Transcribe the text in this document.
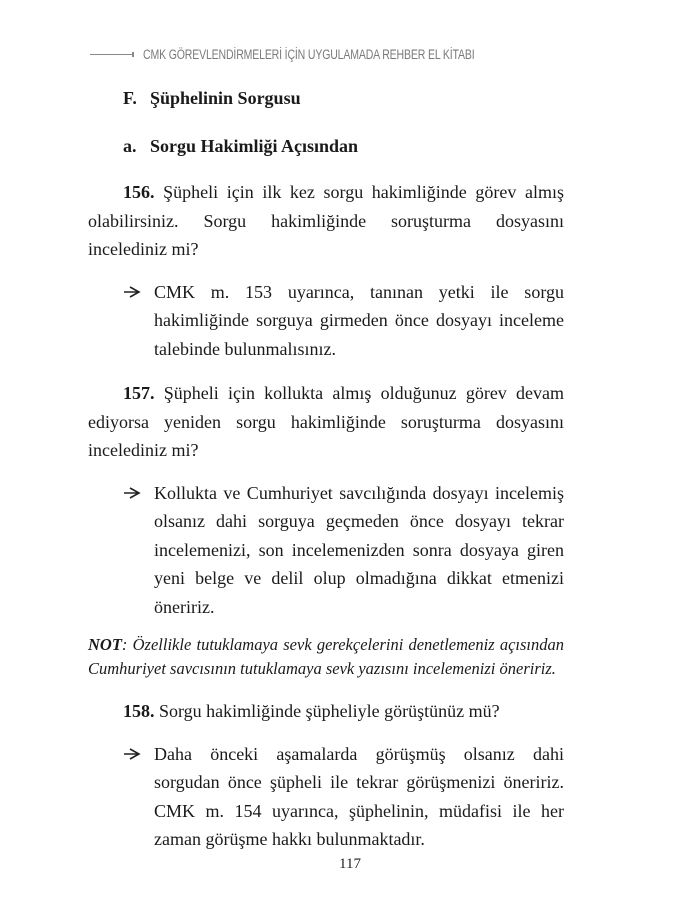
CMK GÖREVLENDİRMELERİ İÇİN UYGULAMADA REHBER EL KİTABI
F. Şüphelinin Sorgusu
a. Sorgu Hakimliği Açısından

156. Şüpheli için ilk kez sorgu hakimliğinde görev almış olabilirsiniz. Sorgu hakimliğinde soruşturma dosyasını incelediniz mi?

CMK m. 153 uyarınca, tanınan yetki ile sorgu hakimliğinde sorguya girmeden önce dosyayı inceleme talebinde bulunmalısınız.

157. Şüpheli için kollukta almış olduğunuz görev devam ediyorsa yeniden sorgu hakimliğinde soruşturma dosyasını incelediniz mi?

Kollukta ve Cumhuriyet savcılığında dosyayı incelemiş olsanız dahi sorguya geçmeden önce dosyayı tekrar incelemenizi, son incelemenizden sonra dosyaya giren yeni belge ve delil olup olmadığına dikkat etmenizi öneririz.

NOT: Özellikle tutuklamaya sevk gerekçelerini denetlemeniz açısından Cumhuriyet savcısının tutuklamaya sevk yazısını incelemenizi öneririz.

158. Sorgu hakimliğinde şüpheliyle görüştünüz mü?

Daha önceki aşamalarda görüşmüş olsanız dahi sorgudan önce şüpheli ile tekrar görüşmenizi öneririz. CMK m. 154 uyarınca, şüphelinin, müdafisi ile her zaman görüşme hakkı bulunmaktadır.

117
